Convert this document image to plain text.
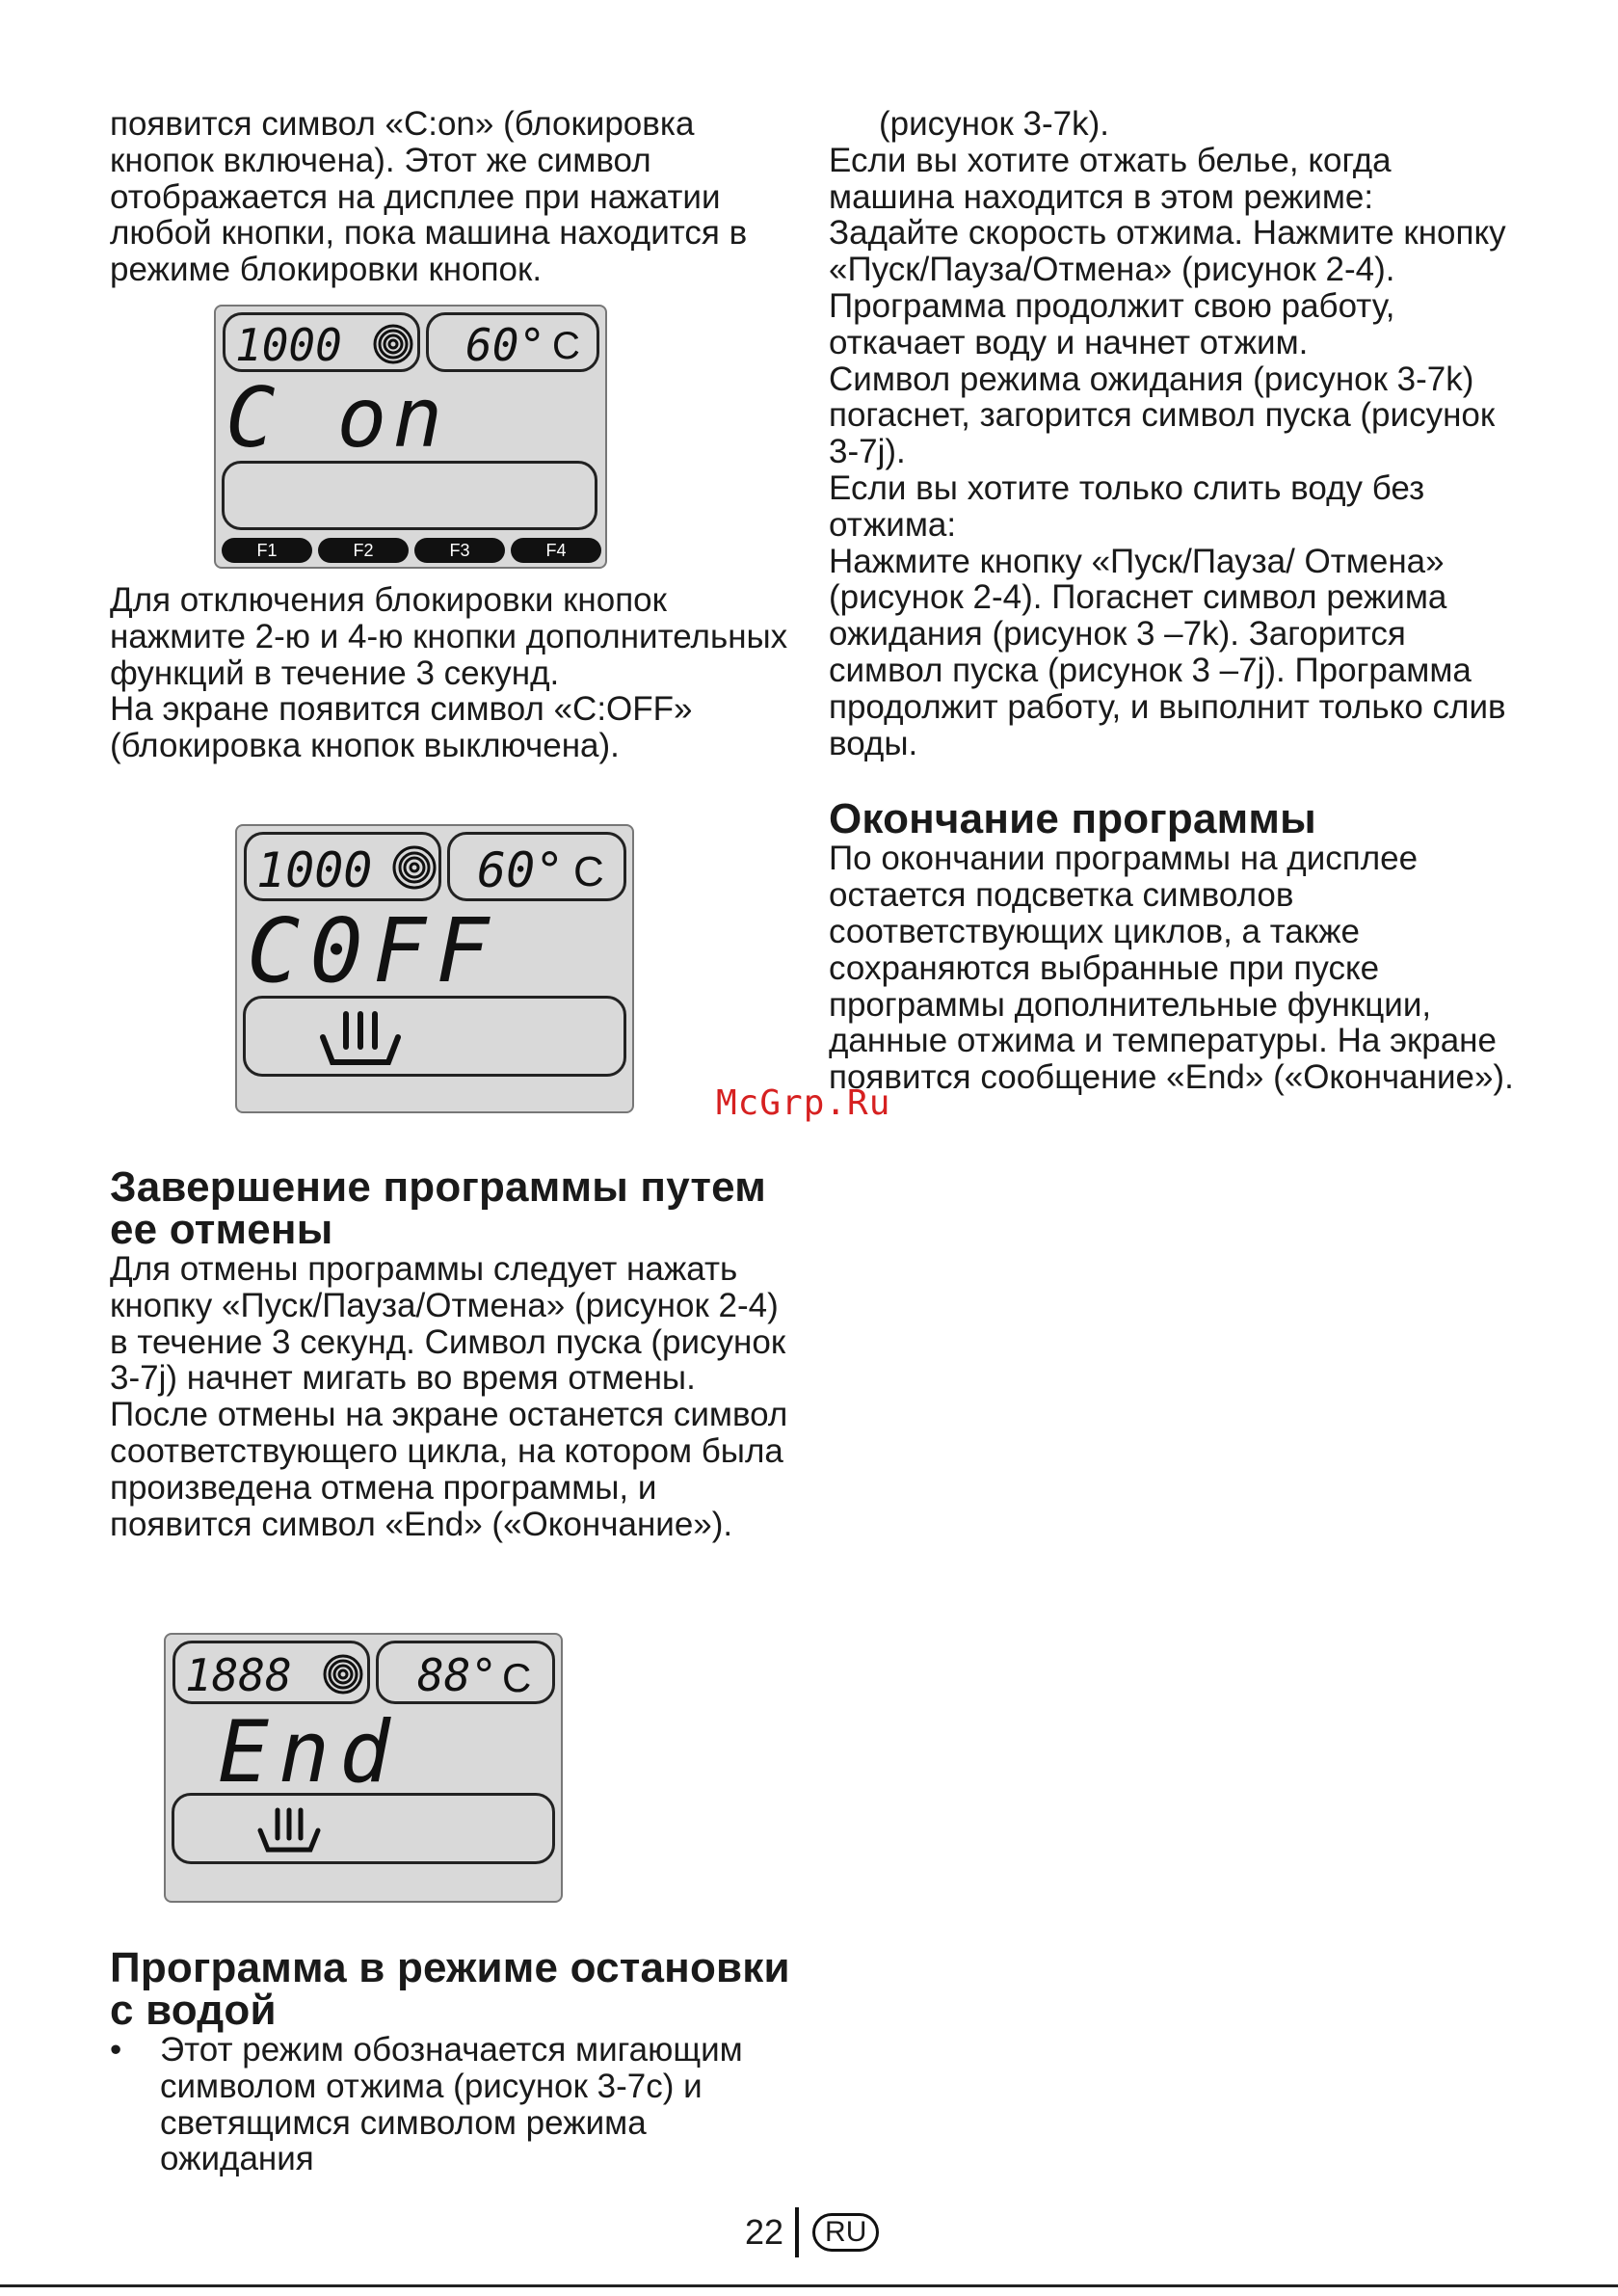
появится символ «C:on» (блокировка кнопок включена). Этот же символ отображается на дисплее при нажатии любой кнопки, пока машина находится в режиме блокировки кнопок.

1000	60° C
C on
F1	F2	F3	F4

Для отключения блокировки кнопок нажмите 2-ю и 4-ю кнопки дополнительных функций в течение 3 секунд.

На экране появится символ «C:OFF» (блокировка кнопок выключена).

1000 60° C
C0FF
Завершение программы путем ее отмены

Для отмены программы следует нажать кнопку «Пуск/Пауза/Отмена» (рисунок 2-4) в течение 3 секунд. Символ пуска (рисунок 3-7j) начнет мигать во время отмены.

После отмены на экране останется символ соответствующего цикла, на котором была произведена отмена программы, и появится символ «End» («Окончание»).

1888	88° C
End
Программа в режиме остановки с водой
•	Этот режим обозначается мигающим символом отжима (рисунок 3-7с) и светящимся символом режима ожидания

(рисунок 3-7k).

Если вы хотите отжать белье, когда машина находится в этом режиме:

Задайте скорость отжима. Нажмите кнопку «Пуск/Пауза/Отмена» (рисунок 2-4). Программа продолжит свою работу, откачает воду и начнет отжим.

Символ режима ожидания (рисунок 3-7k) погаснет, загорится символ пуска (рисунок 3-7j).

Если вы хотите только слить воду без отжима:

Нажмите кнопку «Пуск/Пауза/ Отмена» (рисунок 2-4). Погаснет символ режима ожидания (рисунок 3 –7k). Загорится символ пуска (рисунок 3 –7j). Программа продолжит работу, и выполнит только слив воды.

Окончание программы

По окончании программы на дисплее остается подсветка символов соответствующих циклов, а также сохраняются выбранные при пуске программы дополнительные функции, данные отжима и температуры. На экране появится сообщение «End» («Окончание»).

McGrp.Ru
22	RU
